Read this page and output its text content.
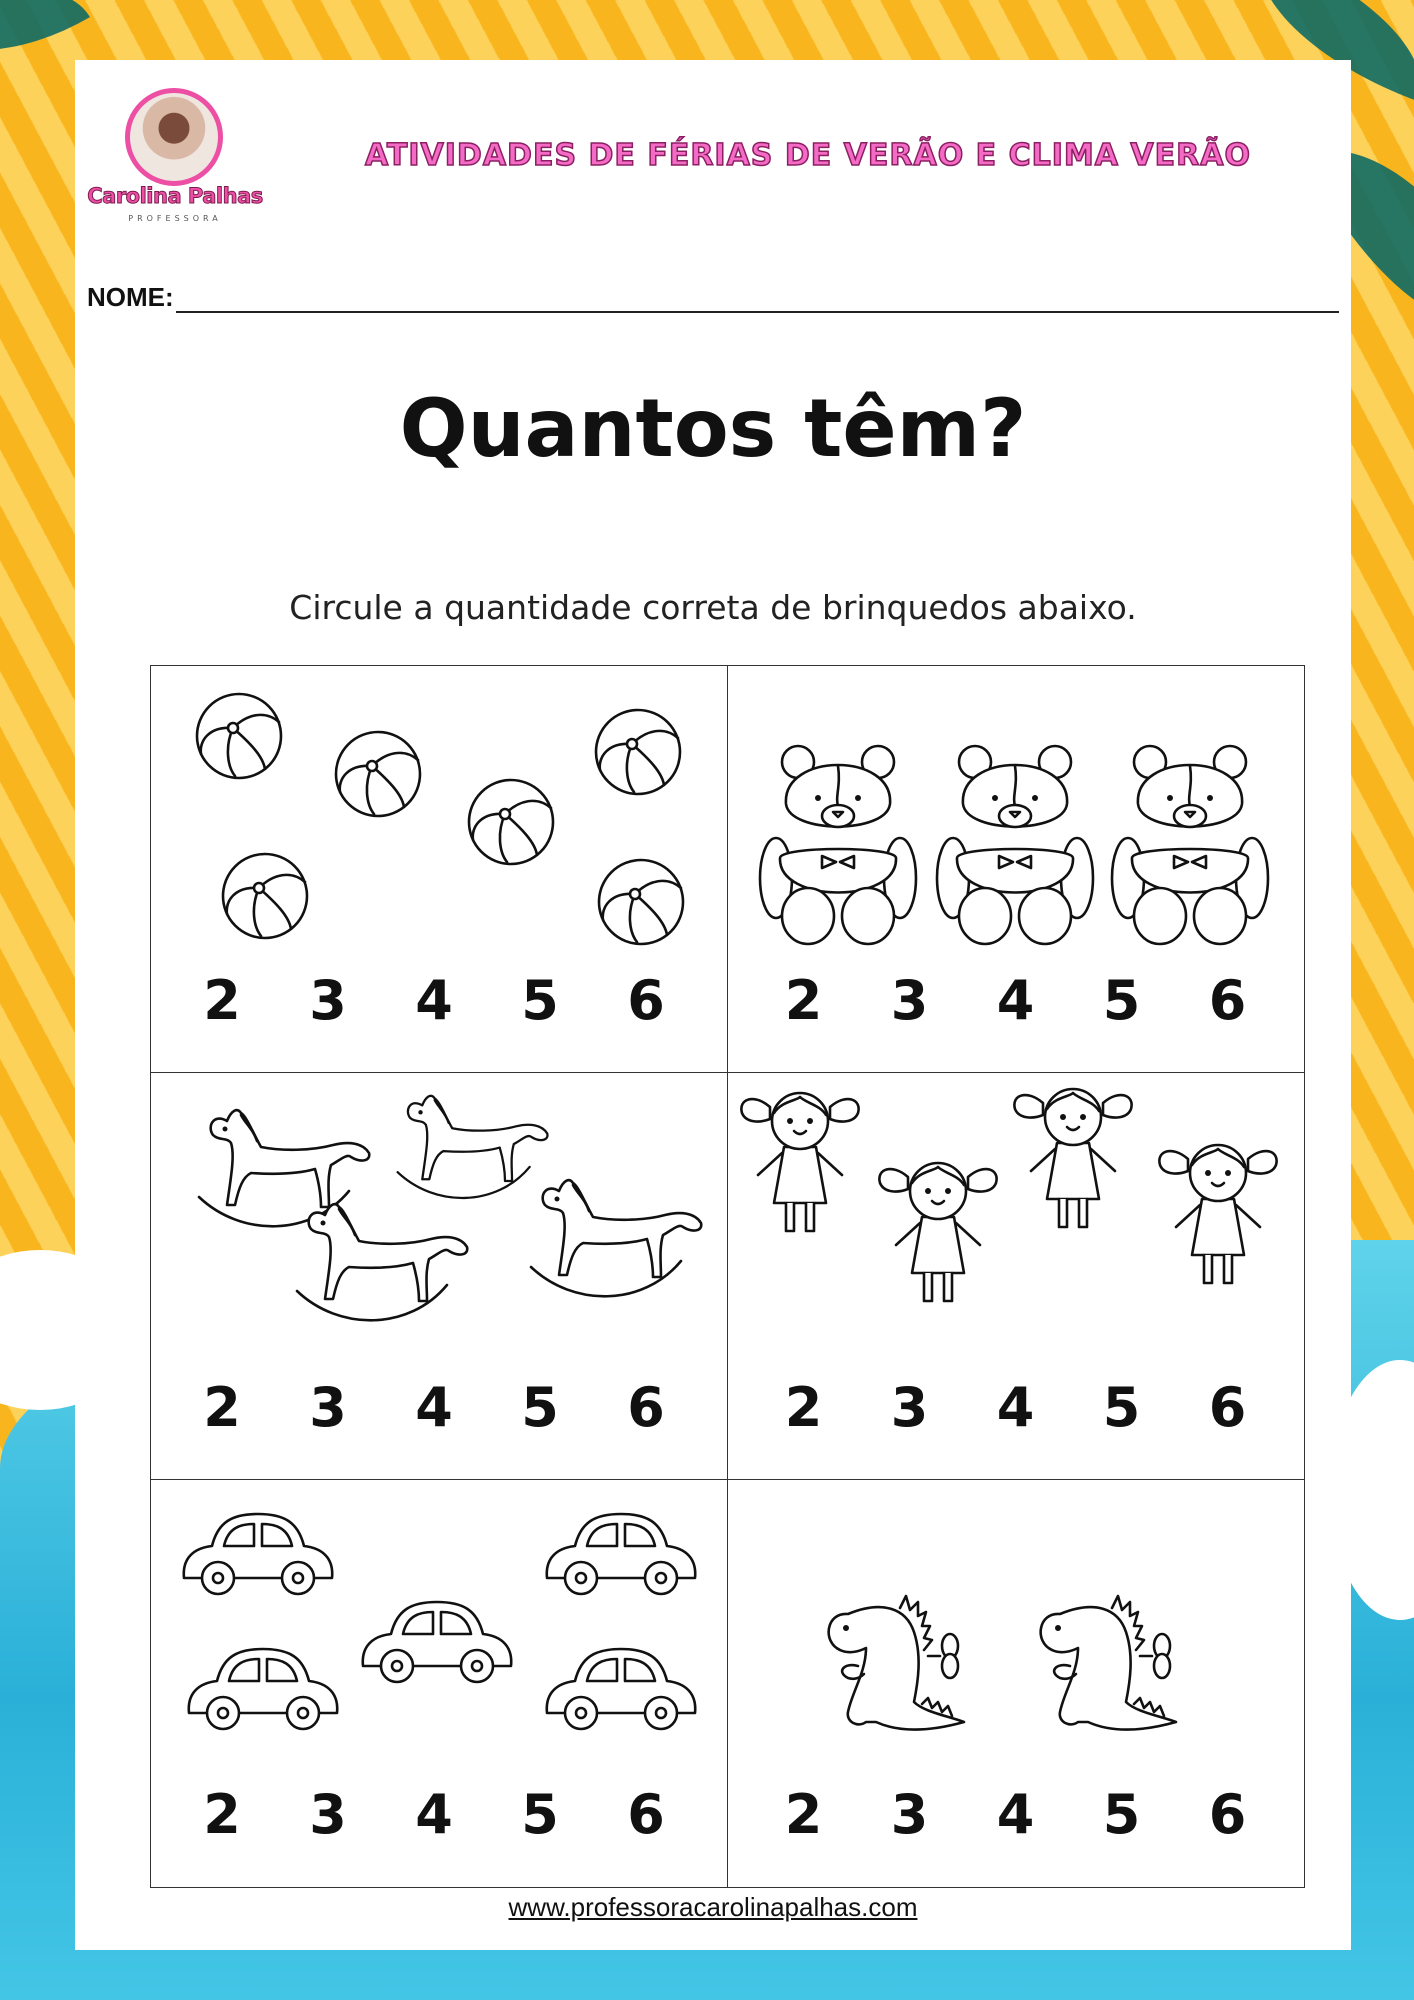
Carolina Palhas
PROFESSORA
ATIVIDADES DE FÉRIAS DE VERÃO E CLIMA VERÃO
NOME:
Quantos têm?
Circule a quantidade correta de brinquedos abaixo.
2 3 4 5 6 2 3 4 5 6
2 3 4 5 6 2 3 4 5 6
2 3 4 5 6 2 3 4 5 6
www.professoracarolinapalhas.com
